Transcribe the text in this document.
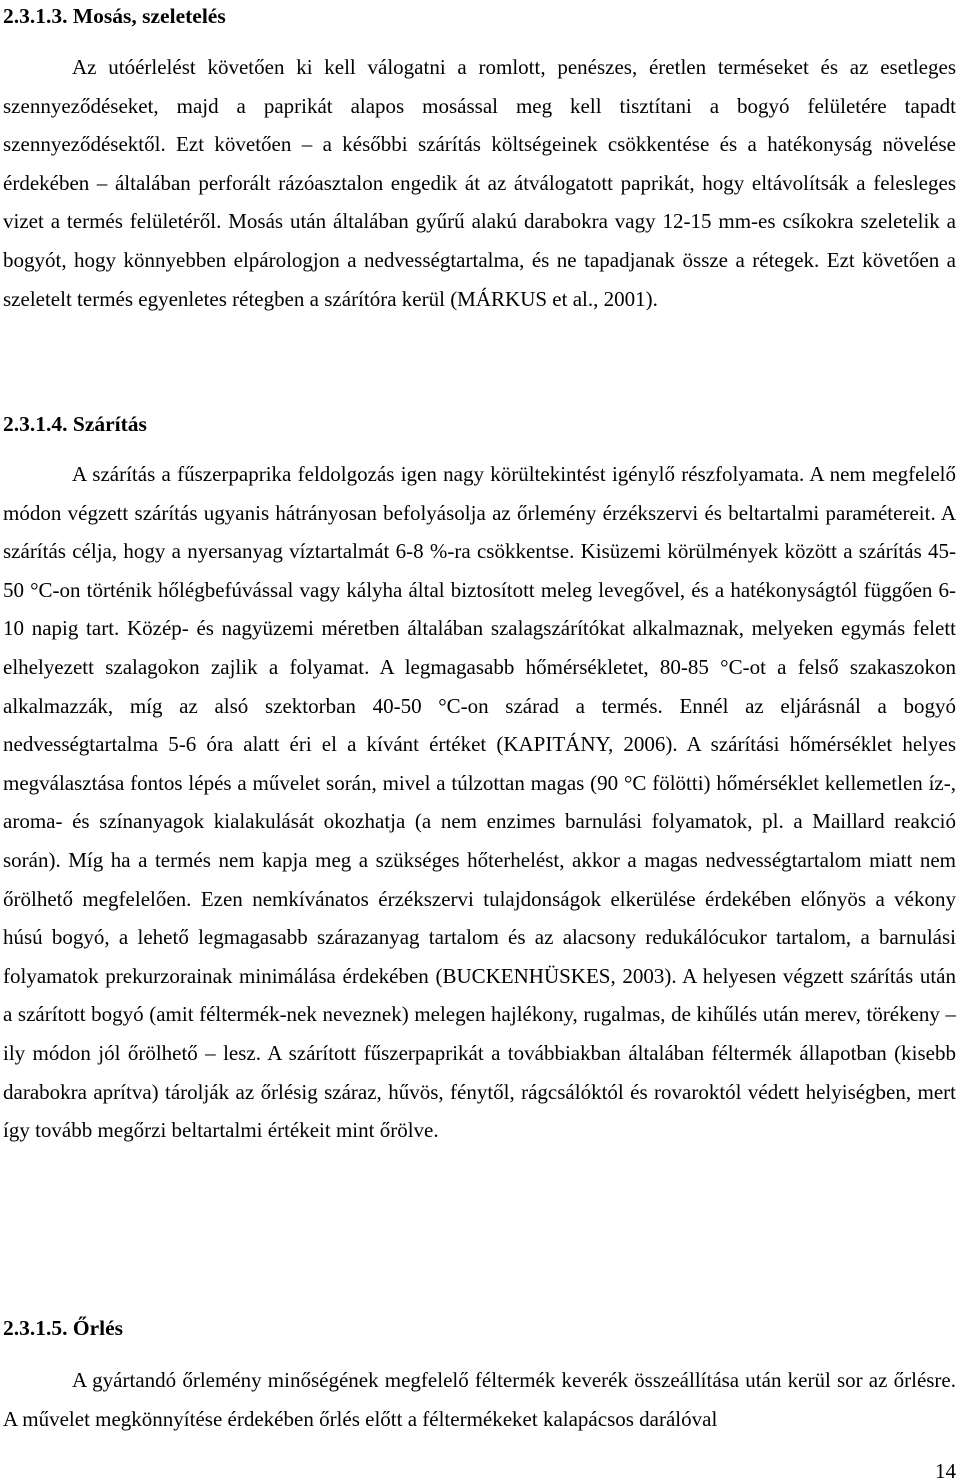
2.3.1.3. Mosás, szeletelés

Az utóérlelést követően ki kell válogatni a romlott, penészes, éretlen terméseket és az esetleges szennyeződéseket, majd a paprikát alapos mosással meg kell tisztítani a bogyó felületére tapadt szennyeződésektől. Ezt követően – a későbbi szárítás költségeinek csökkentése és a hatékonyság növelése érdekében – általában perforált rázóasztalon engedik át az átválogatott paprikát, hogy eltávolítsák a felesleges vizet a termés felületéről. Mosás után általában gyűrű alakú darabokra vagy 12-15 mm-es csíkokra szeletelik a bogyót, hogy könnyebben elpárologjon a nedvességtartalma, és ne tapadjanak össze a rétegek. Ezt követően a szeletelt termés egyenletes rétegben a szárítóra kerül (MÁRKUS et al., 2001).

2.3.1.4. Szárítás

A szárítás a fűszerpaprika feldolgozás igen nagy körültekintést igénylő részfolyamata. A nem megfelelő módon végzett szárítás ugyanis hátrányosan befolyásolja az őrlemény érzékszervi és beltartalmi paramétereit. A szárítás célja, hogy a nyersanyag víztartalmát 6-8 %-ra csökkentse. Kisüzemi körülmények között a szárítás 45-50 °C-on történik hőlégbefúvással vagy kályha által biztosított meleg levegővel, és a hatékonyságtól függően 6-10 napig tart. Közép- és nagyüzemi méretben általában szalagszárítókat alkalmaznak, melyeken egymás felett elhelyezett szalagokon zajlik a folyamat. A legmagasabb hőmérsékletet, 80-85 °C-ot a felső szakaszokon alkalmazzák, míg az alsó szektorban 40-50 °C-on szárad a termés. Ennél az eljárásnál a bogyó nedvességtartalma 5-6 óra alatt éri el a kívánt értéket (KAPITÁNY, 2006). A szárítási hőmérséklet helyes megválasztása fontos lépés a művelet során, mivel a túlzottan magas (90 °C fölötti) hőmérséklet kellemetlen íz-, aroma- és színanyagok kialakulását okozhatja (a nem enzimes barnulási folyamatok, pl. a Maillard reakció során). Míg ha a termés nem kapja meg a szükséges hőterhelést, akkor a magas nedvességtartalom miatt nem őrölhető megfelelően. Ezen nemkívánatos érzékszervi tulajdonságok elkerülése érdekében előnyös a vékony húsú bogyó, a lehető legmagasabb szárazanyag tartalom és az alacsony redukálócukor tartalom, a barnulási folyamatok prekurzorainak minimálása érdekében (BUCKENHÜSKES, 2003). A helyesen végzett szárítás után a szárított bogyó (amit féltermék-nek neveznek) melegen hajlékony, rugalmas, de kihűlés után merev, törékeny – ily módon jól őrölhető – lesz. A szárított fűszerpaprikát a továbbiakban általában féltermék állapotban (kisebb darabokra aprítva) tárolják az őrlésig száraz, hűvös, fénytől, rágcsálóktól és rovaroktól védett helyiségben, mert így tovább megőrzi beltartalmi értékeit mint őrölve.

2.3.1.5. Őrlés

A gyártandó őrlemény minőségének megfelelő féltermék keverék összeállítása után kerül sor az őrlésre. A művelet megkönnyítése érdekében őrlés előtt a féltermékeket kalapácsos darálóval

14
